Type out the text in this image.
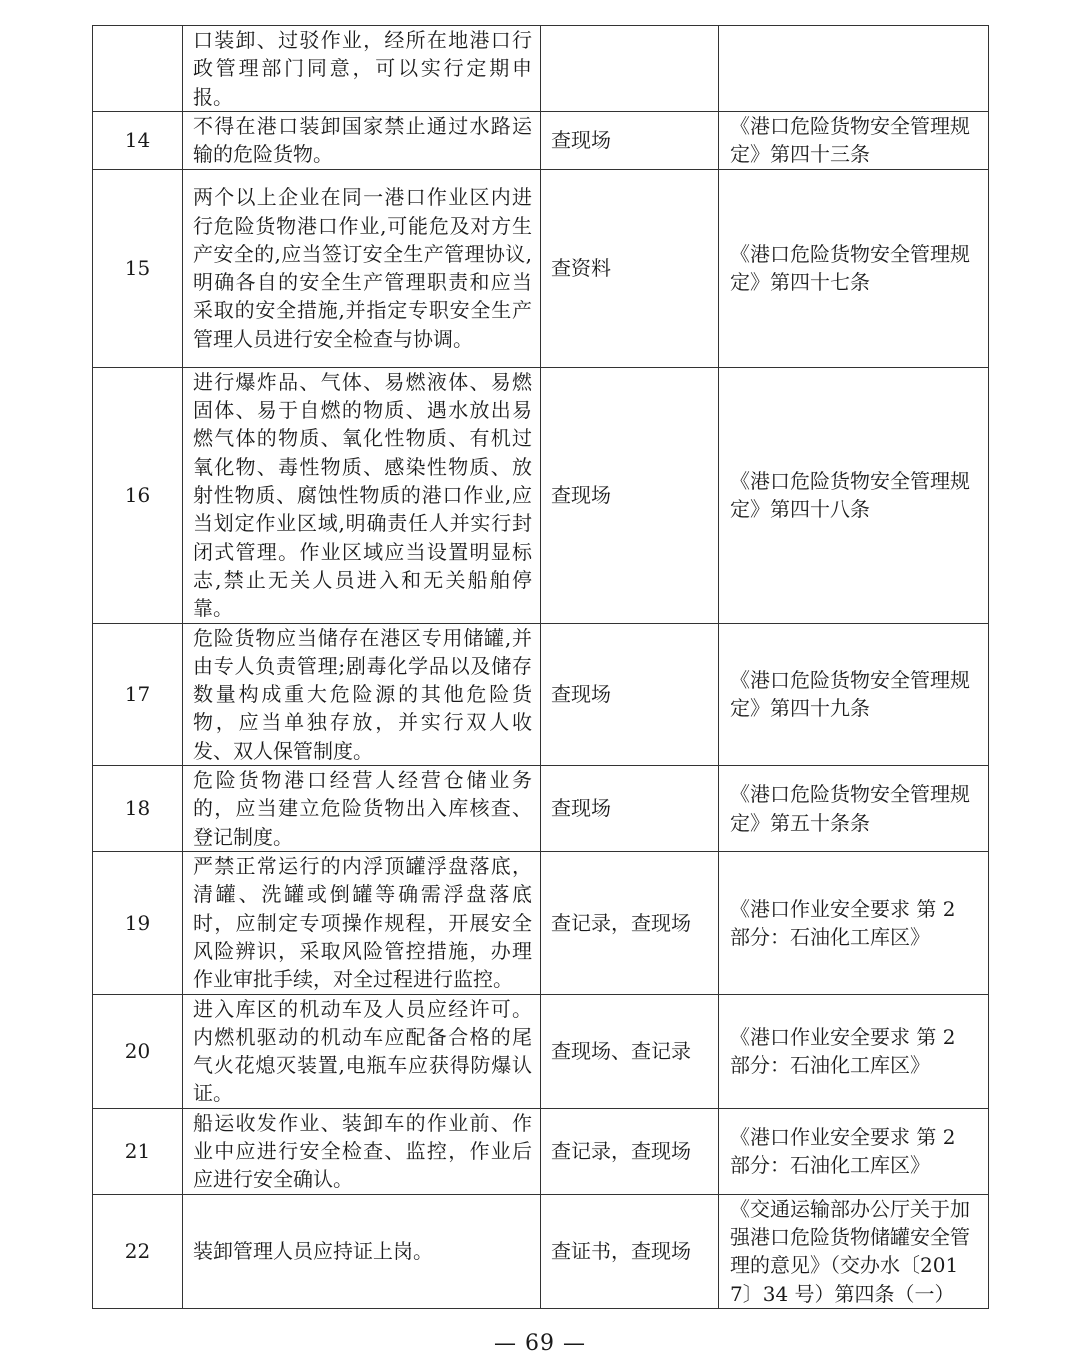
	口装卸、过驳作业，经所在地港口行政管理部门同意，可以实行定期申报。		

14	不得在港口装卸国家禁止通过水路运输的危险货物。	查现场	《港口危险货物安全管理规定》第四十三条

15	两个以上企业在同一港口作业区内进行危险货物港口作业,可能危及对方生产安全的,应当签订安全生产管理协议,明确各自的安全生产管理职责和应当采取的安全措施,并指定专职安全生产管理人员进行安全检查与协调。	查资料	《港口危险货物安全管理规定》第四十七条

16	进行爆炸品、气体、易燃液体、易燃固体、易于自燃的物质、遇水放出易燃气体的物质、氧化性物质、有机过氧化物、毒性物质、感染性物质、放射性物质、腐蚀性物质的港口作业,应当划定作业区域,明确责任人并实行封闭式管理。作业区域应当设置明显标志,禁止无关人员进入和无关船舶停靠。	查现场	《港口危险货物安全管理规定》第四十八条

17	危险货物应当储存在港区专用储罐,并由专人负责管理;剧毒化学品以及储存数量构成重大危险源的其他危险货物，应当单独存放，并实行双人收发、双人保管制度。	查现场	《港口危险货物安全管理规定》第四十九条

18	危险货物港口经营人经营仓储业务的，应当建立危险货物出入库核查、登记制度。	查现场	《港口危险货物安全管理规定》第五十条条

19	严禁正常运行的内浮顶罐浮盘落底，清罐、洗罐或倒罐等确需浮盘落底时，应制定专项操作规程，开展安全风险辨识，采取风险管控措施，办理作业审批手续，对全过程进行监控。	查记录，查现场	《港口作业安全要求 第 2 部分：石油化工库区》

20	进入库区的机动车及人员应经许可。内燃机驱动的机动车应配备合格的尾气火花熄灭装置,电瓶车应获得防爆认证。	查现场、查记录	《港口作业安全要求 第 2 部分：石油化工库区》

21	船运收发作业、装卸车的作业前、作业中应进行安全检查、监控，作业后应进行安全确认。	查记录，查现场	《港口作业安全要求 第 2 部分：石油化工库区》

22	装卸管理人员应持证上岗。	查证书，查现场	《交通运输部办公厅关于加强港口危险货物储罐安全管理的意见》（交办水〔2017〕34 号）第四条（一）
— 69 —
